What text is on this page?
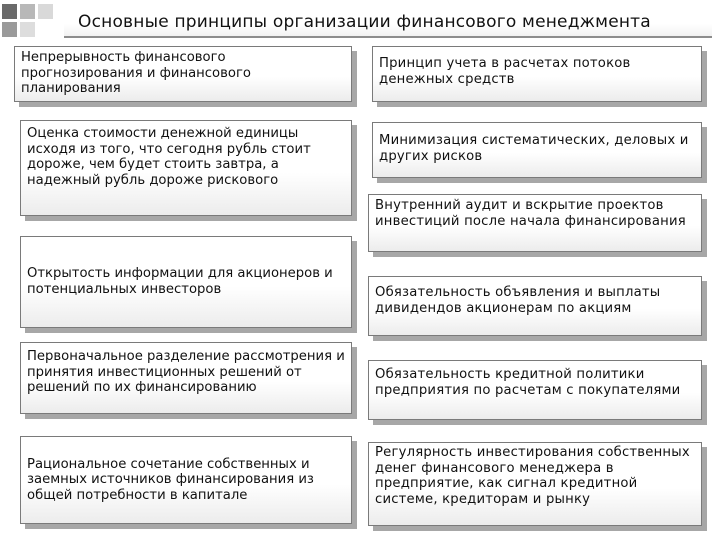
Основные принципы организации финансового менеджмента
Непрерывность финансового прогнозирования и финансового планирования
Оценка стоимости денежной единицы исходя из того, что сегодня рубль стоит дороже, чем будет стоить завтра, а надежный рубль дороже рискового
Открытость информации для акционеров и потенциальных инвесторов
Первоначальное разделение рассмотрения и принятия инвестиционных решений от решений по их финансированию
Рациональное сочетание собственных и заемных источников финансирования из общей потребности в капитале
Принцип учета в расчетах потоков денежных средств
Минимизация систематических, деловых и других рисков
Внутренний аудит и вскрытие проектов инвестиций после начала финансирования
Обязательность объявления и выплаты дивидендов акционерам по акциям
Обязательность кредитной политики предприятия по расчетам с покупателями
Регулярность инвестирования собственных денег финансового менеджера в предприятие, как сигнал кредитной системе, кредиторам и рынку
